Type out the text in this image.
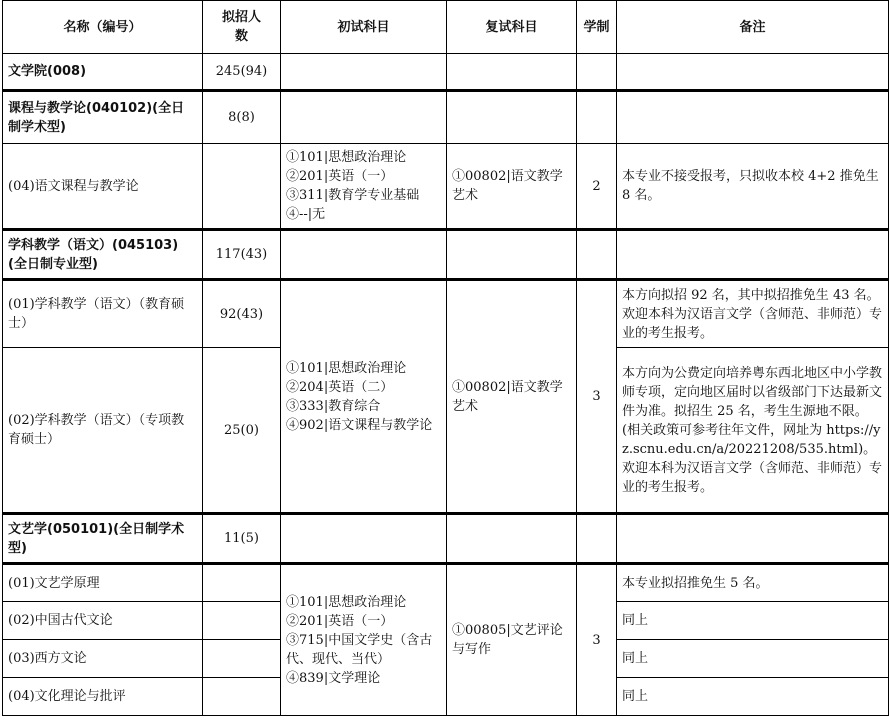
名称（编号）	拟招人数	初试科目	复试科目	学制	备注
文学院(008)	245(94)				
课程与教学论(040102)(全日制学术型)	8(8)				
(04)语文课程与教学论		①101|思想政治理论
②201|英语（一）
③311|教育学专业基础
④--|无	①00802|语文教学艺术	2	本专业不接受报考，只拟收本校 4+2 推免生 8 名。
学科教学（语文）(045103)(全日制专业型)	117(43)				
(01)学科教学（语文）（教育硕士）	92(43)	①101|思想政治理论
②204|英语（二）
③333|教育综合
④902|语文课程与教学论	①00802|语文教学艺术	3	本方向拟招 92 名，其中拟招推免生 43 名。欢迎本科为汉语言文学（含师范、非师范）专业的考生报考。
(02)学科教学（语文）（专项教育硕士）	25(0)				本方向为公费定向培养粤东西北地区中小学教师专项，定向地区届时以省级部门下达最新文件为准。拟招生 25 名，考生生源地不限。(相关政策可参考往年文件，网址为 https://yz.scnu.edu.cn/a/20221208/535.html)。欢迎本科为汉语言文学（含师范、非师范）专业的考生报考。
文艺学(050101)(全日制学术型)	11(5)				
(01)文艺学原理		①101|思想政治理论
②201|英语（一）
③715|中国文学史（含古代、现代、当代）
④839|文学理论	①00805|文艺评论与写作	3	本专业拟招推免生 5 名。
(02)中国古代文论					同上
(03)西方文论					同上
(04)文化理论与批评					同上
